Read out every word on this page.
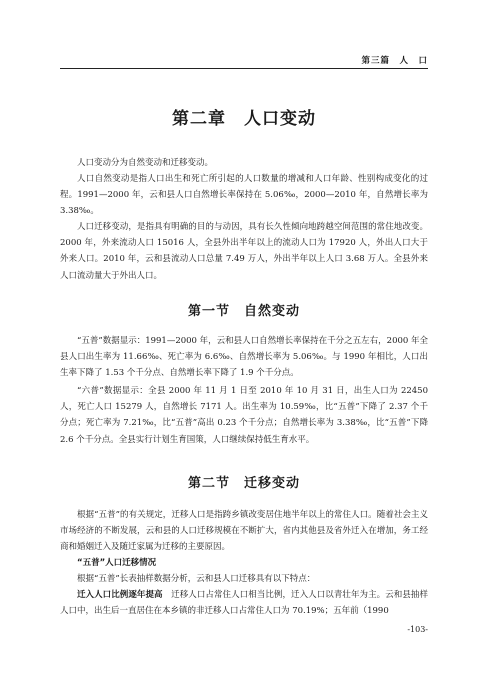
第三篇　人　口
第二章　人口变动

人口变动分为自然变动和迁移变动。

人口自然变动是指人口出生和死亡所引起的人口数量的增减和人口年龄、性别构成变化的过程。1991—2000 年，云和县人口自然增长率保持在 5.06‰，2000—2010 年，自然增长率为 3.38‰。

人口迁移变动，是指具有明确的目的与动因，具有长久性倾向地跨越空间范围的常住地改变。2000 年，外来流动人口 15016 人，全县外出半年以上的流动人口为 17920 人，外出人口大于外来人口。2010 年，云和县流动人口总量 7.49 万人，外出半年以上人口 3.68 万人。全县外来人口流动量大于外出人口。

第一节　自然变动

“五普”数据显示：1991—2000 年，云和县人口自然增长率保持在千分之五左右，2000 年全县人口出生率为 11.66‰、死亡率为 6.6‰、自然增长率为 5.06‰。与 1990 年相比，人口出生率下降了 1.53 个千分点、自然增长率下降了 1.9 个千分点。

“六普”数据显示：全县 2000 年 11 月 1 日至 2010 年 10 月 31 日，出生人口为 22450 人，死亡人口 15279 人，自然增长 7171 人。出生率为 10.59‰，比“五普”下降了 2.37 个千分点；死亡率为 7.21‰，比“五普”高出 0.23 个千分点；自然增长率为 3.38‰，比“五普”下降 2.6 个千分点。全县实行计划生育国策，人口继续保持低生育水平。

第二节　迁移变动

根据“五普”的有关规定，迁移人口是指跨乡镇改变居住地半年以上的常住人口。随着社会主义市场经济的不断发展，云和县的人口迁移规模在不断扩大，省内其他县及省外迁入在增加，务工经商和婚姻迁入及随迁家属为迁移的主要原因。

“五普”人口迁移情况

根据“五普”长表抽样数据分析，云和县人口迁移具有以下特点：

迁入人口比例逐年提高　迁移人口占常住人口相当比例，迁入人口以青壮年为主。云和县抽样人口中，出生后一直居住在本乡镇的非迁移人口占常住人口为 70.19%；五年前（1990

-103-
